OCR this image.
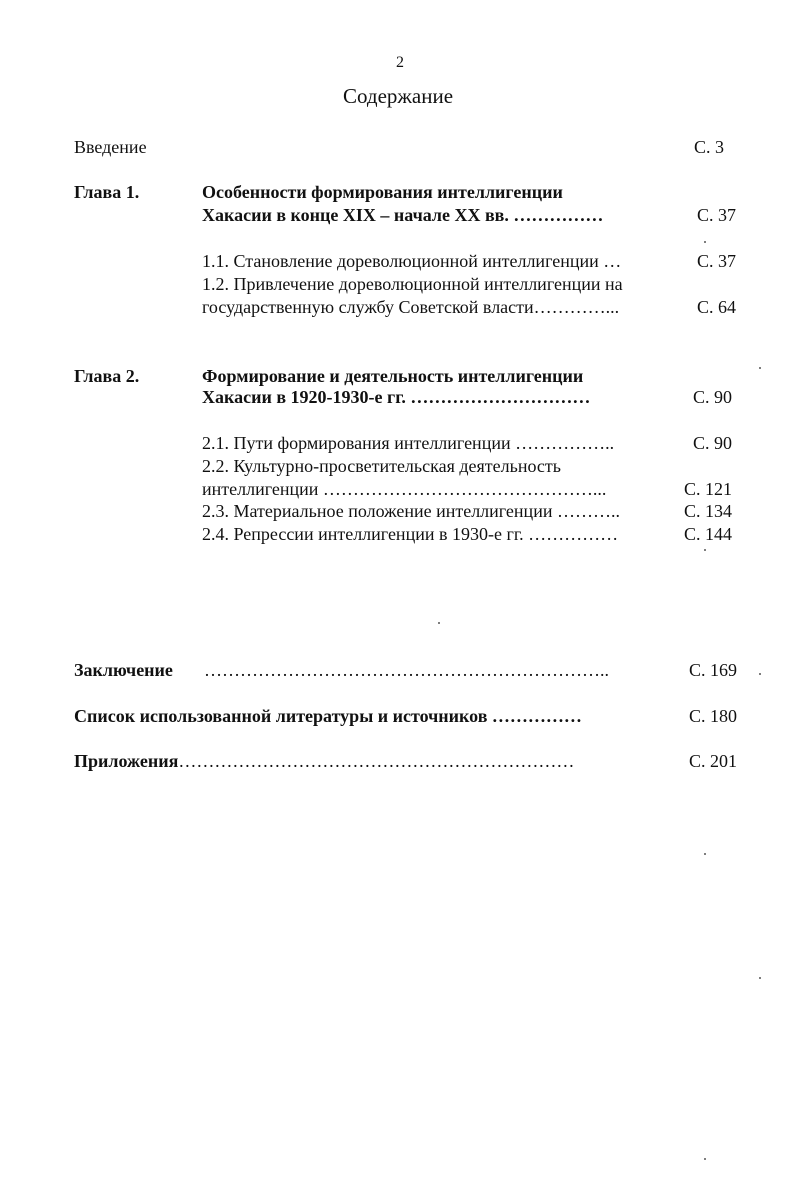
2
Содержание
Введение	С. 3
Глава 1.	Особенности формирования интеллигенции
Хакасии в конце XIX – начале XX вв. ……………	С. 37
1.1. Становление дореволюционной интеллигенции …	С. 37
1.2. Привлечение дореволюционной интеллигенции на
государственную службу Советской власти…………...	С. 64
Глава 2.	Формирование и деятельность интеллигенции
Хакасии в 1920-1930-е гг. …………………………	С. 90
2.1. Пути формирования интеллигенции ……………..	С. 90
2.2. Культурно-просветительская деятельность
интеллигенции ………………………………………...	С. 121
2.3. Материальное положение интеллигенции ………..	С. 134
2.4. Репрессии интеллигенции в 1930-е гг. ……………	С. 144
Заключение …………………………………………………………..	С. 169
Список использованной литературы и источников ……………	С. 180
Приложения…………………………………………………………	С. 201
